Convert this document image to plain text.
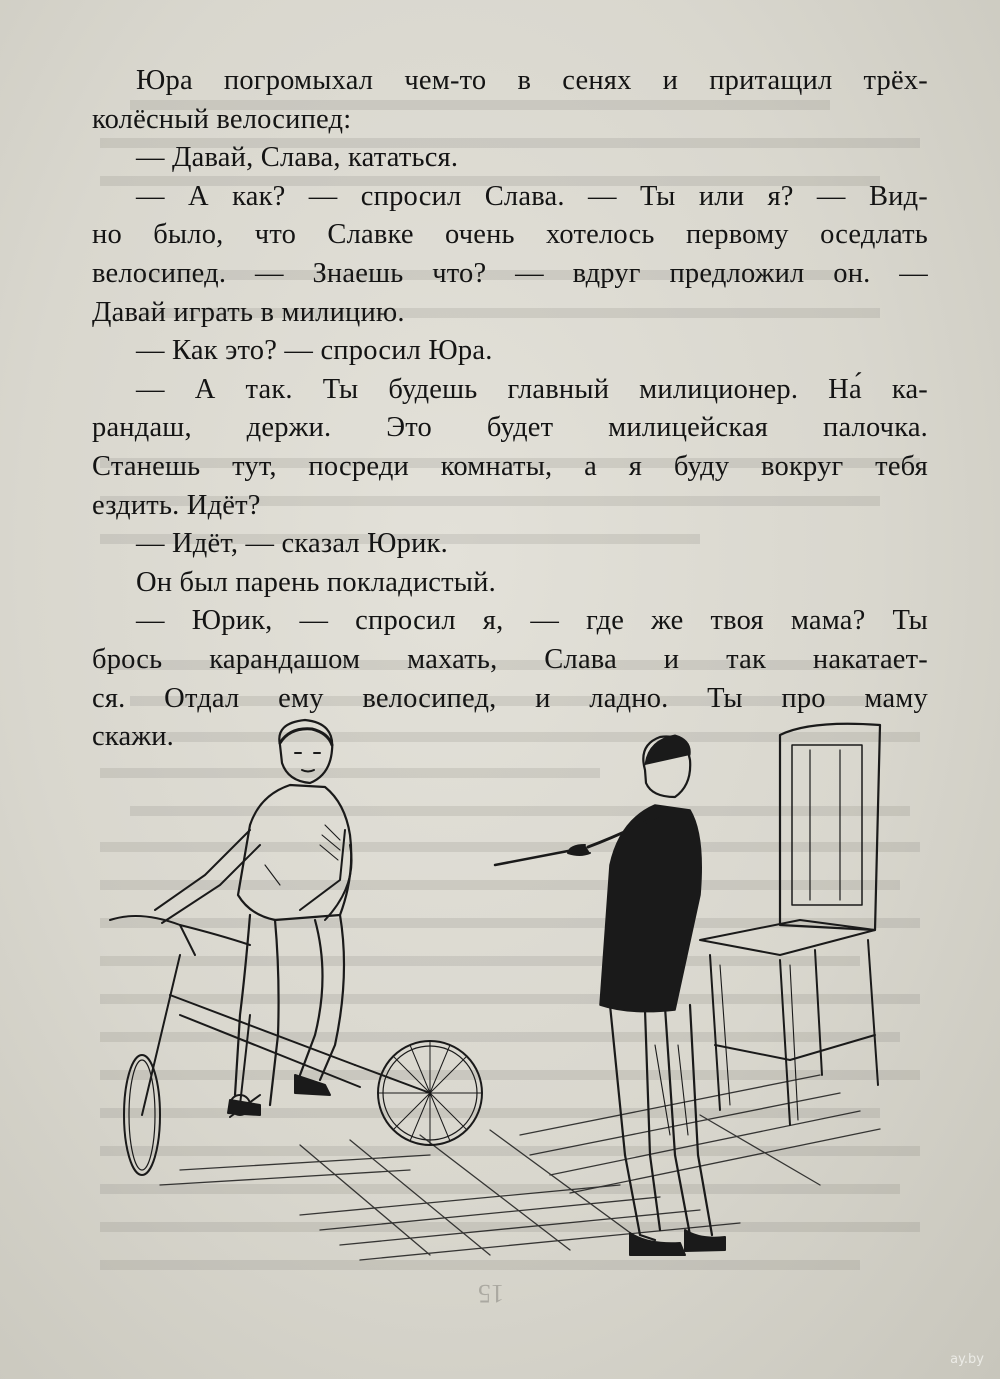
Юра погромыхал чем-то в сенях и притащил трёх-
колёсный велосипед:
— Давай, Слава, кататься.
— А как? — спросил Слава. — Ты или я? — Вид-
но было, что Славке очень хотелось первому оседлать
велосипед. — Знаешь что? — вдруг предложил он. —
Давай играть в милицию.
— Как это? — спросил Юра.
— А так. Ты будешь главный милиционер. На́ ка-
рандаш, держи. Это будет милицейская палочка.
Станешь тут, посреди комнаты, а я буду вокруг тебя
ездить. Идёт?
— Идёт, — сказал Юрик.
Он был парень покладистый.
— Юрик, — спросил я, — где же твоя мама? Ты
брось карандашом махать, Слава и так накатает-
ся. Отдал ему велосипед, и ладно. Ты про маму
скажи.
15
ay.by
